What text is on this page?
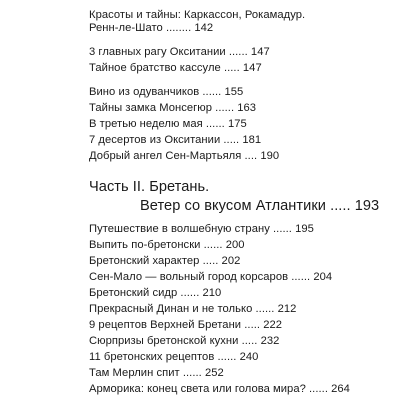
Красоты и тайны: Каркассон, Рокамадур.
Ренн-ле-Шато ........ 142
3 главных рагу Окситании ...... 147
Тайное братство кассуле ..... 147
Вино из одуванчиков ...... 155
Тайны замка Монсегюр ...... 163
В третью неделю мая ...... 175
7 десертов из Окситании ..... 181
Добрый ангел Сен-Мартьяля .... 190
Часть II. Бретань.
Ветер со вкусом Атлантики ..... 193
Путешествие в волшебную страну ...... 195
Выпить по-бретонски ...... 200
Бретонский характер ..... 202
Сен-Мало — вольный город корсаров ...... 204
Бретонский сидр ...... 210
Прекрасный Динан и не только ...... 212
9 рецептов Верхней Бретани ..... 222
Сюрпризы бретонской кухни ..... 232
11 бретонских рецептов ...... 240
Там Мерлин спит ...... 252
Арморика: конец света или голова мира? ...... 264
